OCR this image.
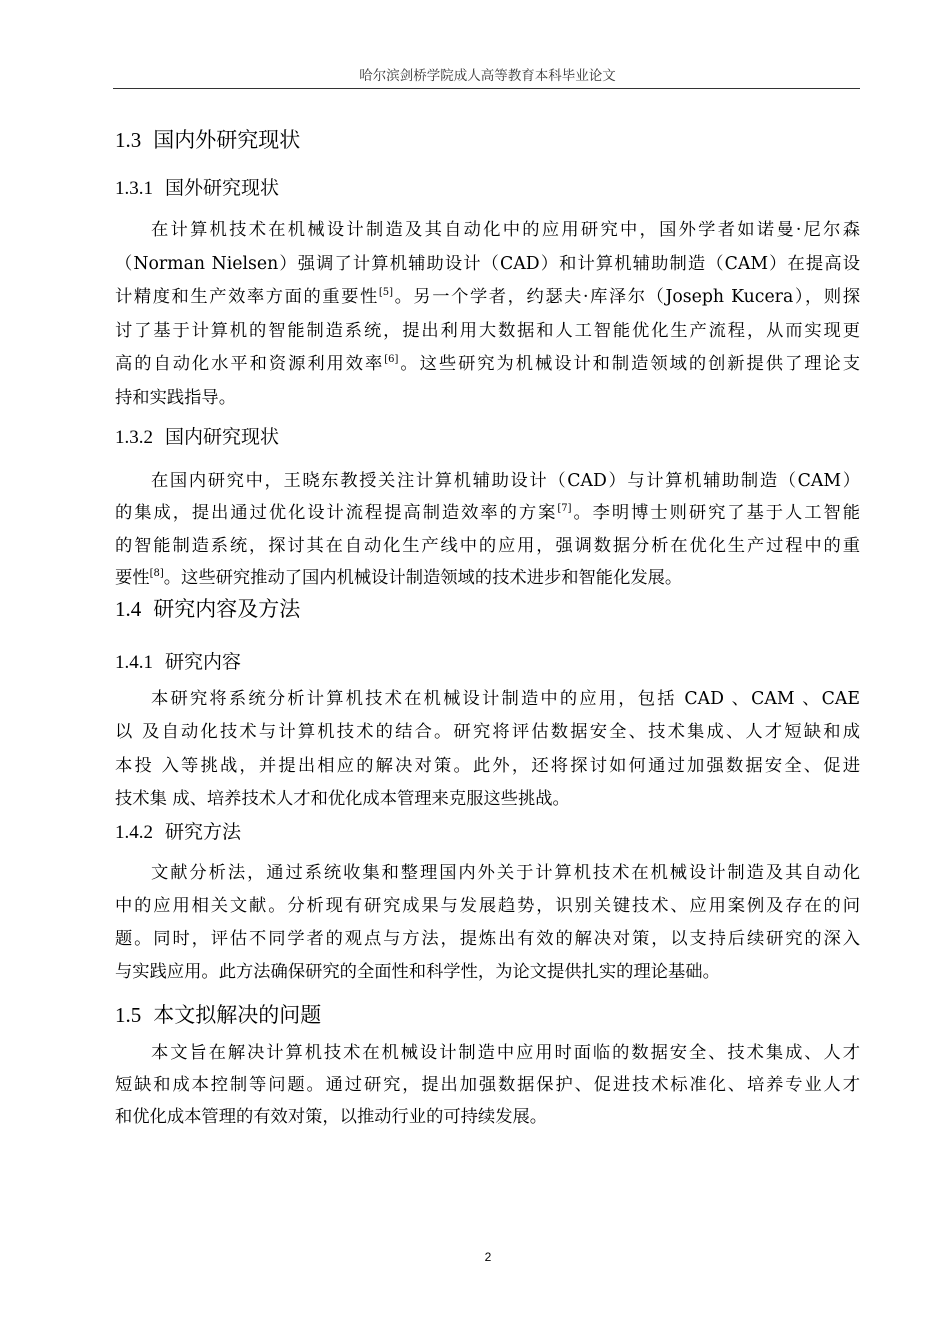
哈尔滨剑桥学院成人高等教育本科毕业论文
1.3 国内外研究现状
1.3.1 国外研究现状
在计算机技术在机械设计制造及其自动化中的应用研究中，国外学者如诺曼·尼尔森
（Norman Nielsen）强调了计算机辅助设计（CAD）和计算机辅助制造（CAM）在提高设
计精度和生产效率方面的重要性[5]。另一个学者，约瑟夫·库泽尔（Joseph Kucera），则探
讨了基于计算机的智能制造系统，提出利用大数据和人工智能优化生产流程，从而实现更
高的自动化水平和资源利用效率[6]。这些研究为机械设计和制造领域的创新提供了理论支
持和实践指导。
1.3.2 国内研究现状
在国内研究中，王晓东教授关注计算机辅助设计（CAD）与计算机辅助制造（CAM）
的集成，提出通过优化设计流程提高制造效率的方案[7]。李明博士则研究了基于人工智能
的智能制造系统，探讨其在自动化生产线中的应用，强调数据分析在优化生产过程中的重
要性[8]。这些研究推动了国内机械设计制造领域的技术进步和智能化发展。
1.4 研究内容及方法
1.4.1 研究内容
本研究将系统分析计算机技术在机械设计制造中的应用，包括 CAD 、CAM 、CAE
以 及自动化技术与计算机技术的结合。研究将评估数据安全、技术集成、人才短缺和成
本投 入等挑战，并提出相应的解决对策。此外，还将探讨如何通过加强数据安全、促进
技术集 成、培养技术人才和优化成本管理来克服这些挑战。
1.4.2 研究方法
文献分析法，通过系统收集和整理国内外关于计算机技术在机械设计制造及其自动化
中的应用相关文献。分析现有研究成果与发展趋势，识别关键技术、应用案例及存在的问
题。同时，评估不同学者的观点与方法，提炼出有效的解决对策，以支持后续研究的深入
与实践应用。此方法确保研究的全面性和科学性，为论文提供扎实的理论基础。
1.5 本文拟解决的问题
本文旨在解决计算机技术在机械设计制造中应用时面临的数据安全、技术集成、人才
短缺和成本控制等问题。通过研究，提出加强数据保护、促进技术标准化、培养专业人才
和优化成本管理的有效对策，以推动行业的可持续发展。
2
